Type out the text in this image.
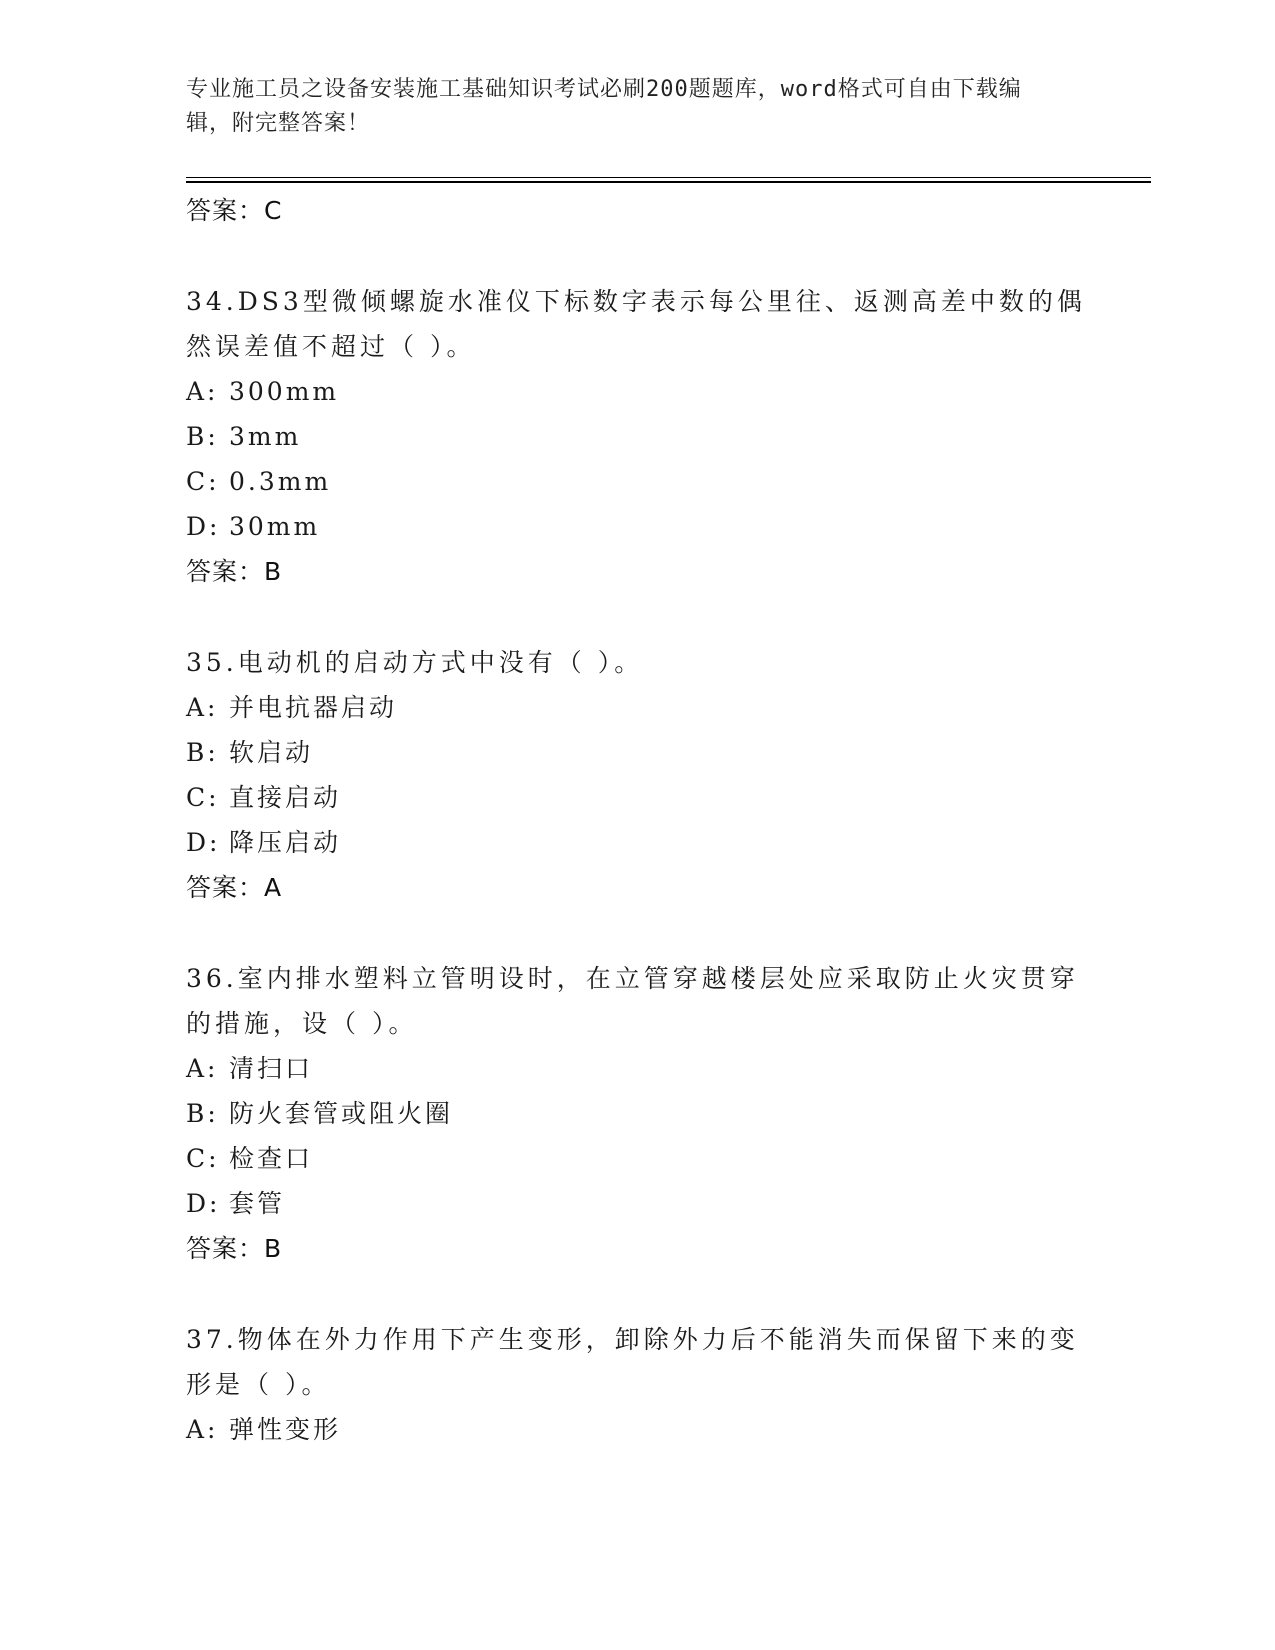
专业施工员之设备安装施工基础知识考试必刷200题题库，word格式可自由下载编辑，附完整答案！
答案：C

34.DS3型微倾螺旋水准仪下标数字表示每公里往、返测高差中数的偶然误差值不超过（ ）。

A: 300mm
B: 3mm
C: 0.3mm
D: 30mm
答案：B

35.电动机的启动方式中没有（ ）。

A: 并电抗器启动
B: 软启动
C: 直接启动
D: 降压启动
答案：A

36.室内排水塑料立管明设时，在立管穿越楼层处应采取防止火灾贯穿的措施，设（ ）。

A: 清扫口
B: 防火套管或阻火圈
C: 检查口
D: 套管
答案：B

37.物体在外力作用下产生变形，卸除外力后不能消失而保留下来的变形是（ ）。

A: 弹性变形
